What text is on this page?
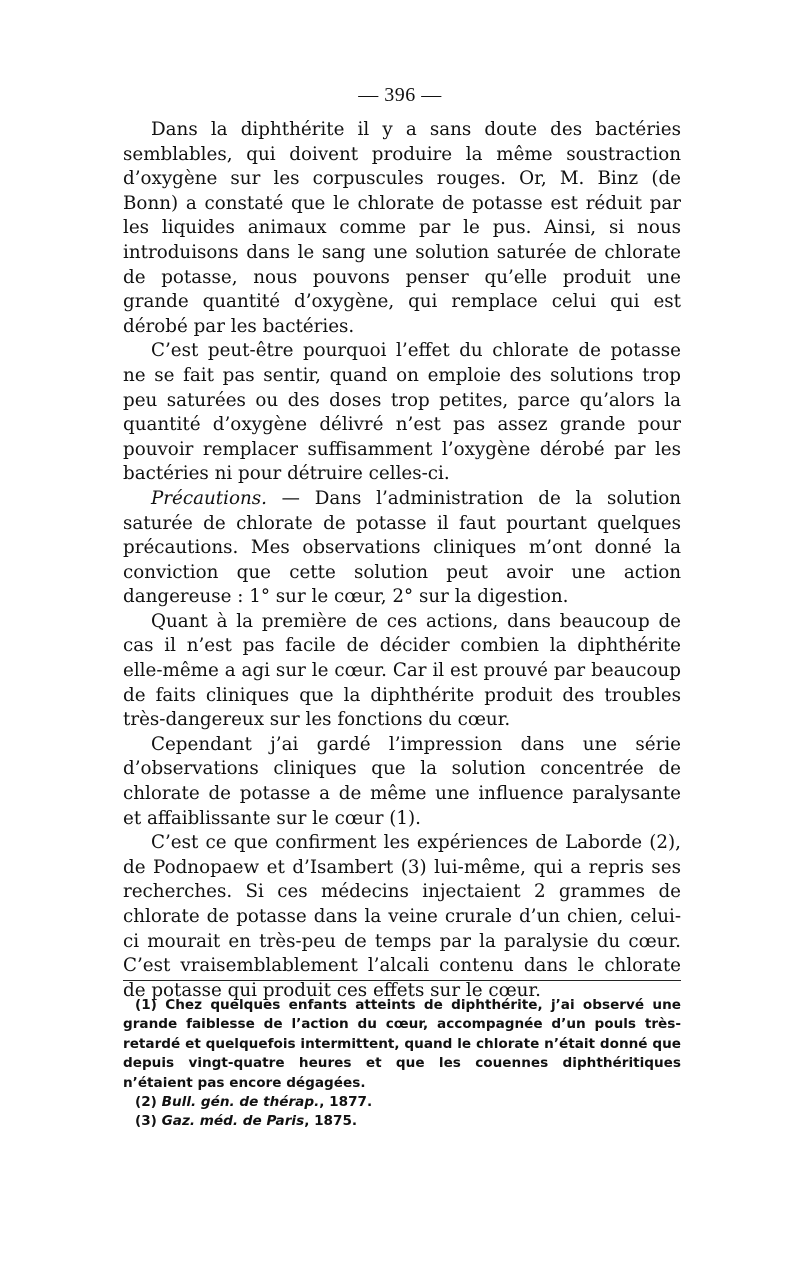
— 396 —

Dans la diphthérite il y a sans doute des bactéries semblables, qui doivent produire la même soustraction d’oxygène sur les corpuscules rouges. Or, M. Binz (de Bonn) a constaté que le chlorate de potasse est réduit par les liquides animaux comme par le pus. Ainsi, si nous introduisons dans le sang une solution saturée de chlorate de potasse, nous pouvons penser qu’elle produit une grande quantité d’oxygène, qui remplace celui qui est dérobé par les bactéries.

C’est peut-être pourquoi l’effet du chlorate de potasse ne se fait pas sentir, quand on emploie des solutions trop peu saturées ou des doses trop petites, parce qu’alors la quantité d’oxygène délivré n’est pas assez grande pour pouvoir remplacer suffisamment l’oxygène dérobé par les bactéries ni pour détruire celles-ci.

Précautions. — Dans l’administration de la solution saturée de chlorate de potasse il faut pourtant quelques précautions. Mes observations cliniques m’ont donné la conviction que cette solution peut avoir une action dangereuse : 1° sur le cœur, 2° sur la digestion.

Quant à la première de ces actions, dans beaucoup de cas il n’est pas facile de décider combien la diphthérite elle-même a agi sur le cœur. Car il est prouvé par beaucoup de faits cliniques que la diphthérite produit des troubles très-dangereux sur les fonctions du cœur.

Cependant j’ai gardé l’impression dans une série d’observations cliniques que la solution concentrée de chlorate de potasse a de même une influence paralysante et affaiblissante sur le cœur (1).

C’est ce que confirment les expériences de Laborde (2), de Podnopaew et d’Isambert (3) lui-même, qui a repris ses recherches. Si ces médecins injectaient 2 grammes de chlorate de potasse dans la veine crurale d’un chien, celui-ci mourait en très-peu de temps par la paralysie du cœur. C’est vraisemblablement l’alcali contenu dans le chlorate de potasse qui produit ces effets sur le cœur.

(1) Chez quelques enfants atteints de diphthérite, j’ai observé une grande faiblesse de l’action du cœur, accompagnée d’un pouls très-retardé et quelquefois intermittent, quand le chlorate n’était donné que depuis vingt-quatre heures et que les couennes diphthéritiques n’étaient pas encore dégagées.

(2) Bull. gén. de thérap., 1877.

(3) Gaz. méd. de Paris, 1875.
